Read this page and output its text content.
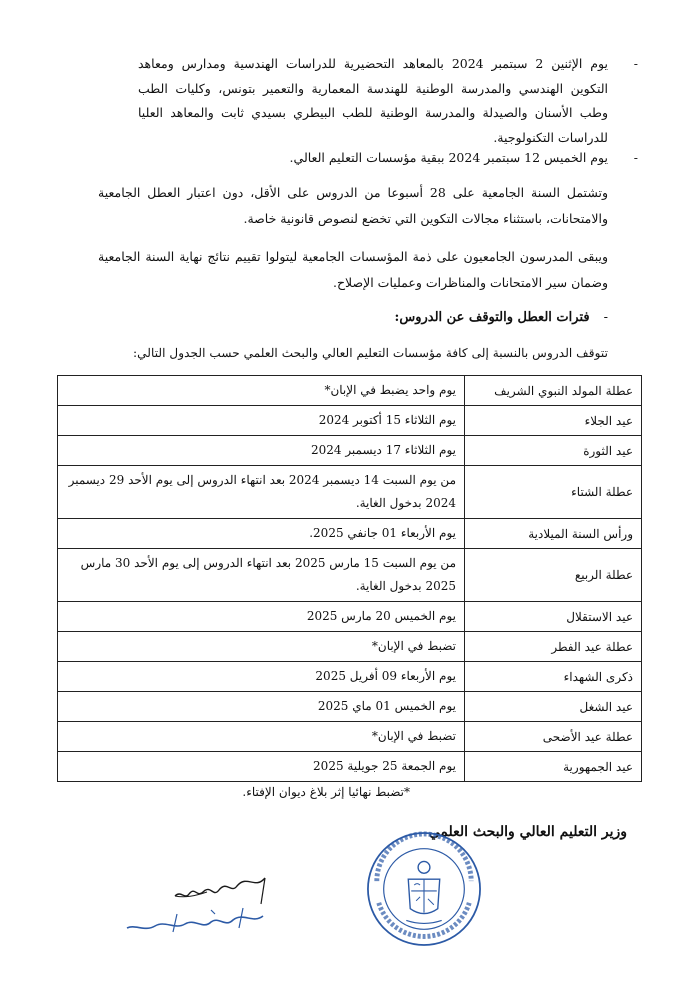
-
يوم الإثنين 2 سبتمبر 2024 بالمعاهد التحضيرية للدراسات الهندسية ومدارس ومعاهد التكوين الهندسي والمدرسة الوطنية للهندسة المعمارية والتعمير بتونس، وكليات الطب وطب الأسنان والصيدلة والمدرسة الوطنية للطب البيطري بسيدي ثابت والمعاهد العليا للدراسات التكنولوجية.
-
يوم الخميس 12 سبتمبر 2024 ببقية مؤسسات التعليم العالي.
وتشتمل السنة الجامعية على 28 أسبوعا من الدروس على الأقل، دون اعتبار العطل الجامعية والامتحانات، باستثناء مجالات التكوين التي تخضع لنصوص قانونية خاصة.
ويبقى المدرسون الجامعيون على ذمة المؤسسات الجامعية ليتولوا تقييم نتائج نهاية السنة الجامعية وضمان سير الامتحانات والمناظرات وعمليات الإصلاح.
-فترات العطل والتوقف عن الدروس:
تتوقف الدروس بالنسبة إلى كافة مؤسسات التعليم العالي والبحث العلمي حسب الجدول التالي:
عطلة المولد النبوي الشريف	يوم واحد يضبط في الإبان*
عيد الجلاء	يوم الثلاثاء 15 أكتوبر 2024
عيد الثورة	يوم الثلاثاء 17 ديسمبر 2024
عطلة الشتاء	من يوم السبت 14 ديسمبر 2024 بعد انتهاء الدروس إلى يوم الأحد 29 ديسمبر 2024 بدخول الغاية.
ورأس السنة الميلادية	يوم الأربعاء 01 جانفي 2025.
عطلة الربيع	من يوم السبت 15 مارس 2025 بعد انتهاء الدروس إلى يوم الأحد 30 مارس 2025 بدخول الغاية.
عيد الاستقلال	يوم الخميس 20 مارس 2025
عطلة عيد الفطر	تضبط في الإبان*
ذكرى الشهداء	يوم الأربعاء 09 أفريل 2025
عيد الشغل	يوم الخميس 01 ماي 2025
عطلة عيد الأضحى	تضبط في الإبان*
عيد الجمهورية	يوم الجمعة 25 جويلية 2025
*تضبط نهائيا إثر بلاغ ديوان الإفتاء.
وزير التعليم العالي والبحث العلمي
